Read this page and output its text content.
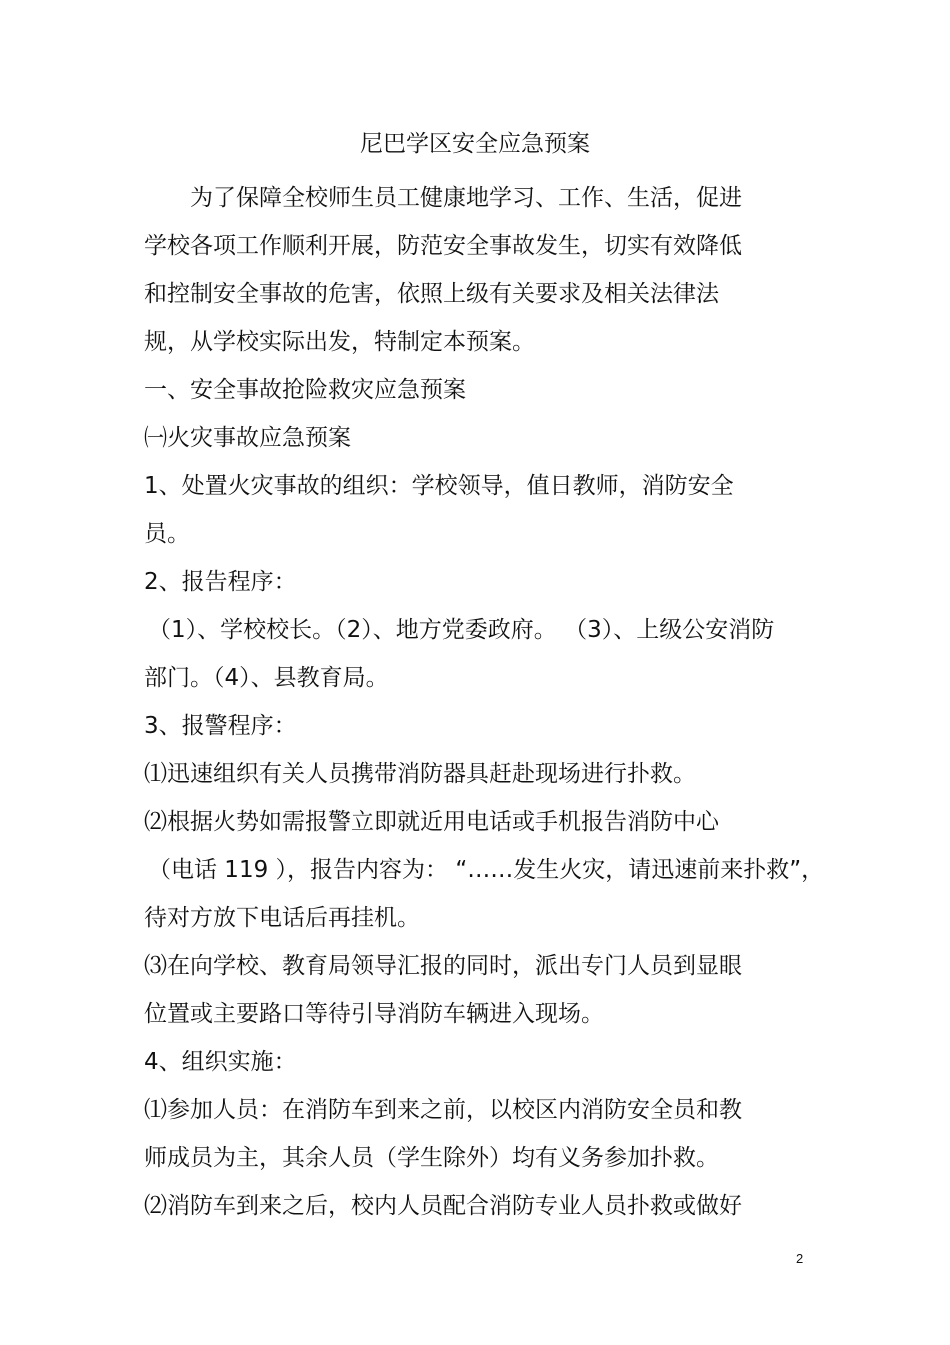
尼巴学区安全应急预案
为了保障全校师生员工健康地学习、工作、生活，促进
学校各项工作顺利开展，防范安全事故发生，切实有效降低
和控制安全事故的危害，依照上级有关要求及相关法律法
规，从学校实际出发，特制定本预案。
一、安全事故抢险救灾应急预案
㈠火灾事故应急预案
1、处置火灾事故的组织：学校领导，值日教师，消防安全
员。
2、报告程序：
（1）、学校校长。（2）、地方党委政府。 （3）、上级公安消防
部门。（4）、县教育局。
3、报警程序：
⑴迅速组织有关人员携带消防器具赶赴现场进行扑救。
⑵根据火势如需报警立即就近用电话或手机报告消防中心
（电话 119 ），报告内容为： “……发生火灾，请迅速前来扑救”，
待对方放下电话后再挂机。
⑶在向学校、教育局领导汇报的同时，派出专门人员到显眼
位置或主要路口等待引导消防车辆进入现场。
4、组织实施：
⑴参加人员：在消防车到来之前，以校区内消防安全员和教
师成员为主，其余人员（学生除外）均有义务参加扑救。
⑵消防车到来之后，校内人员配合消防专业人员扑救或做好
2
